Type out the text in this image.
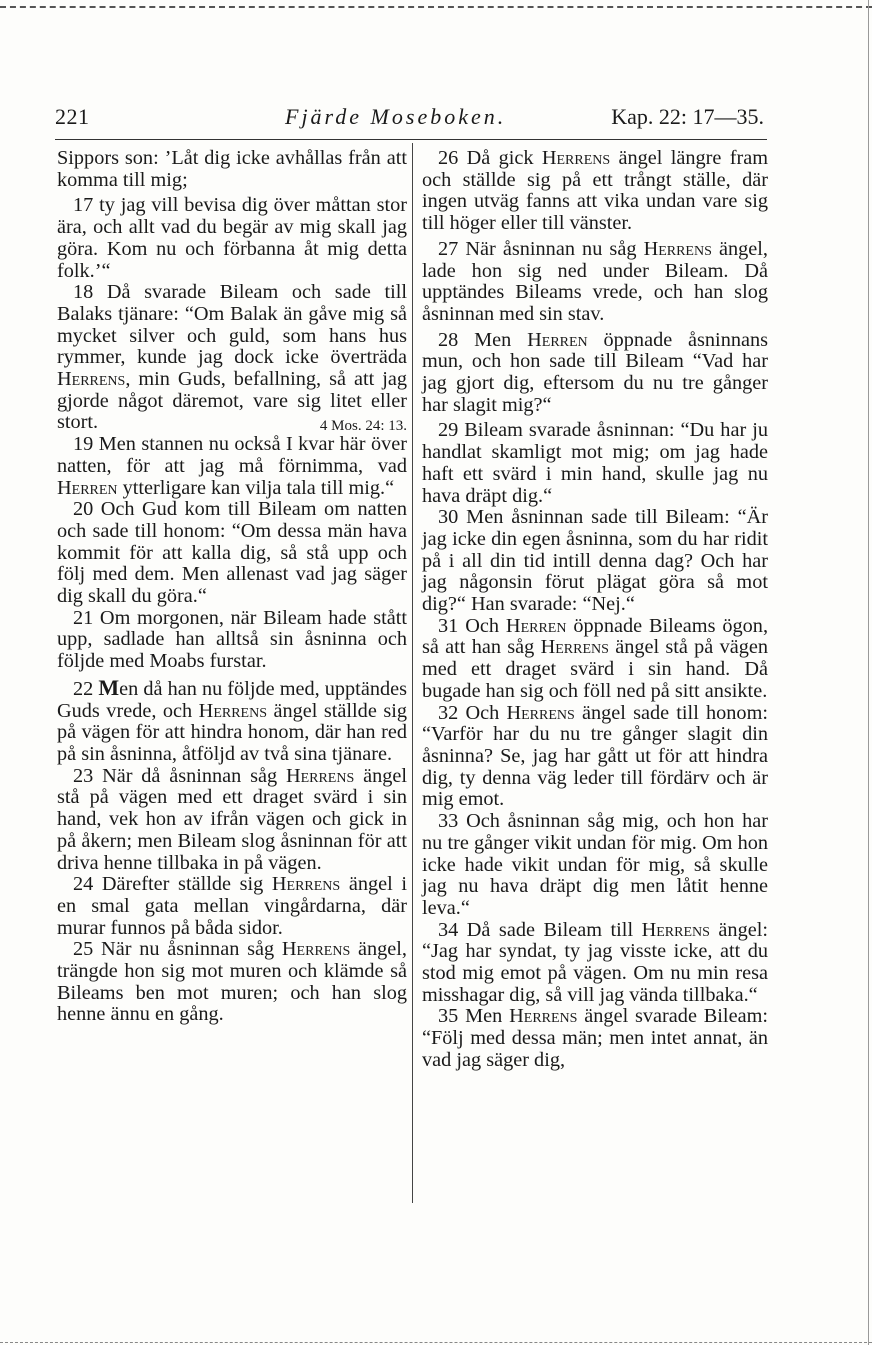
221	Fjärde Moseboken.	Kap. 22: 17—35.

Sippors son: ’Låt dig icke avhållas från att komma till mig;

17 ty jag vill bevisa dig över måttan stor ära, och allt vad du begär av mig skall jag göra. Kom nu och förbanna åt mig detta folk.’“

18 Då svarade Bileam och sade till Balaks tjänare: “Om Balak än gåve mig så mycket silver och guld, som hans hus rymmer, kunde jag dock icke överträda Herrens, min Guds, befallning, så att jag gjorde något däremot, vare sig litet eller stort.	4 Mos. 24: 13.

19 Men stannen nu också I kvar här över natten, för att jag må förnimma, vad Herren ytterligare kan vilja tala till mig.“

20 Och Gud kom till Bileam om natten och sade till honom: “Om dessa män hava kommit för att kalla dig, så stå upp och följ med dem. Men allenast vad jag säger dig skall du göra.“

21 Om morgonen, när Bileam hade stått upp, sadlade han alltså sin åsninna och följde med Moabs furstar.

22 Men då han nu följde med, upptändes Guds vrede, och Herrens ängel ställde sig på vägen för att hindra honom, där han red på sin åsninna, åtföljd av två sina tjänare.

23 När då åsninnan såg Herrens ängel stå på vägen med ett draget svärd i sin hand, vek hon av ifrån vägen och gick in på åkern; men Bileam slog åsninnan för att driva henne tillbaka in på vägen.

24 Därefter ställde sig Herrens ängel i en smal gata mellan vingårdarna, där murar funnos på båda sidor.

25 När nu åsninnan såg Herrens ängel, trängde hon sig mot muren och klämde så Bileams ben mot muren; och han slog henne ännu en gång.

26 Då gick Herrens ängel längre fram och ställde sig på ett trångt ställe, där ingen utväg fanns att vika undan vare sig till höger eller till vänster.

27 När åsninnan nu såg Herrens ängel, lade hon sig ned under Bileam. Då upptändes Bileams vrede, och han slog åsninnan med sin stav.

28 Men Herren öppnade åsninnans mun, och hon sade till Bileam “Vad har jag gjort dig, eftersom du nu tre gånger har slagit mig?“

29 Bileam svarade åsninnan: “Du har ju handlat skamligt mot mig; om jag hade haft ett svärd i min hand, skulle jag nu hava dräpt dig.“

30 Men åsninnan sade till Bileam: “Är jag icke din egen åsninna, som du har ridit på i all din tid intill denna dag? Och har jag någonsin förut plägat göra så mot dig?“ Han svarade: “Nej.“

31 Och Herren öppnade Bileams ögon, så att han såg Herrens ängel stå på vägen med ett draget svärd i sin hand. Då bugade han sig och föll ned på sitt ansikte.

32 Och Herrens ängel sade till honom: “Varför har du nu tre gånger slagit din åsninna? Se, jag har gått ut för att hindra dig, ty denna väg leder till fördärv och är mig emot.

33 Och åsninnan såg mig, och hon har nu tre gånger vikit undan för mig. Om hon icke hade vikit undan för mig, så skulle jag nu hava dräpt dig men låtit henne leva.“

34 Då sade Bileam till Herrens ängel: “Jag har syndat, ty jag visste icke, att du stod mig emot på vägen. Om nu min resa misshagar dig, så vill jag vända tillbaka.“

35 Men Herrens ängel svarade Bileam: “Följ med dessa män; men intet annat, än vad jag säger dig,
